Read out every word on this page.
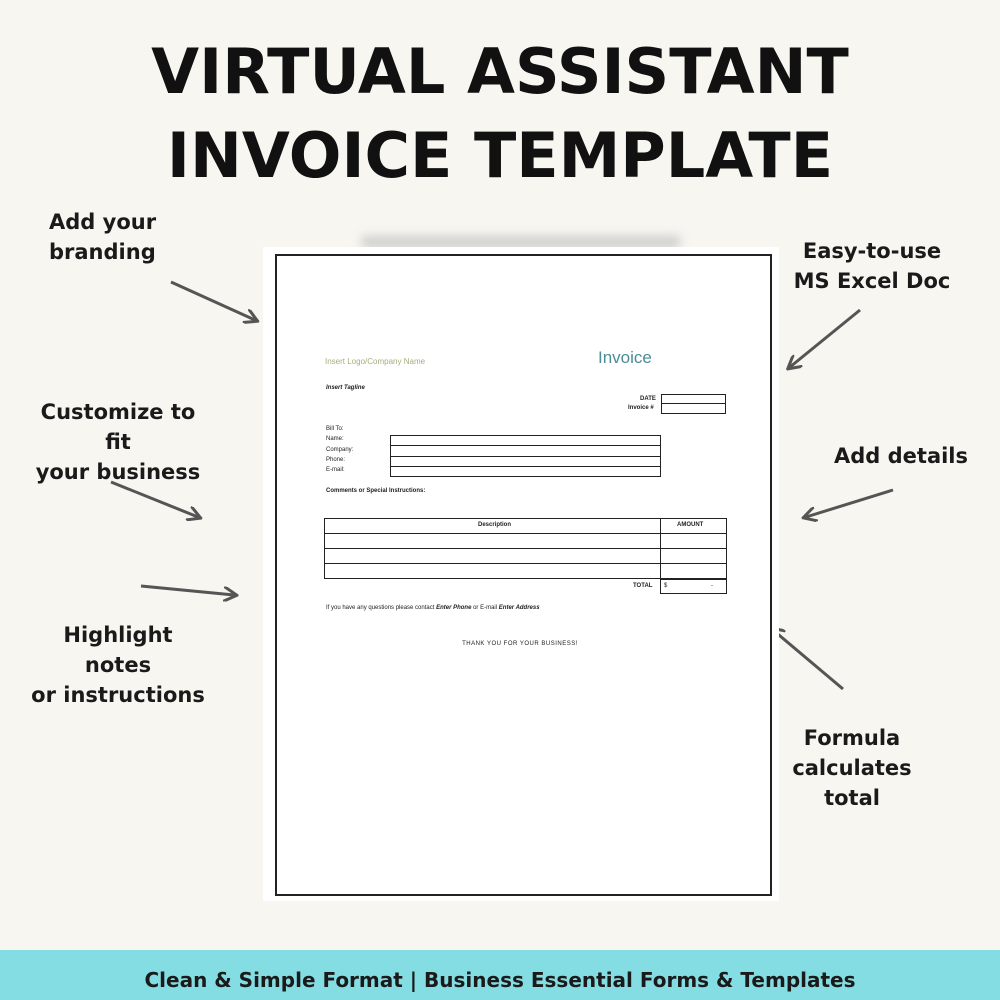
VIRTUAL ASSISTANT
INVOICE TEMPLATE
Add your
branding
Customize to fit
your business
Highlight notes
or instructions
Easy-to-use
MS Excel Doc
Add details
Formula calculates
total
Insert Logo/Company Name	Invoice
Insert Tagline
DATE
Invoice #
Bill To:
Name:
Company:
Phone:
E-mail:
Comments or Special Instructions:
Description	AMOUNT
TOTAL $	-
If you have any questions please contact Enter Phone or E-mail Enter Address
THANK YOU FOR YOUR BUSINESS!
Clean & Simple Format | Business Essential Forms & Templates
